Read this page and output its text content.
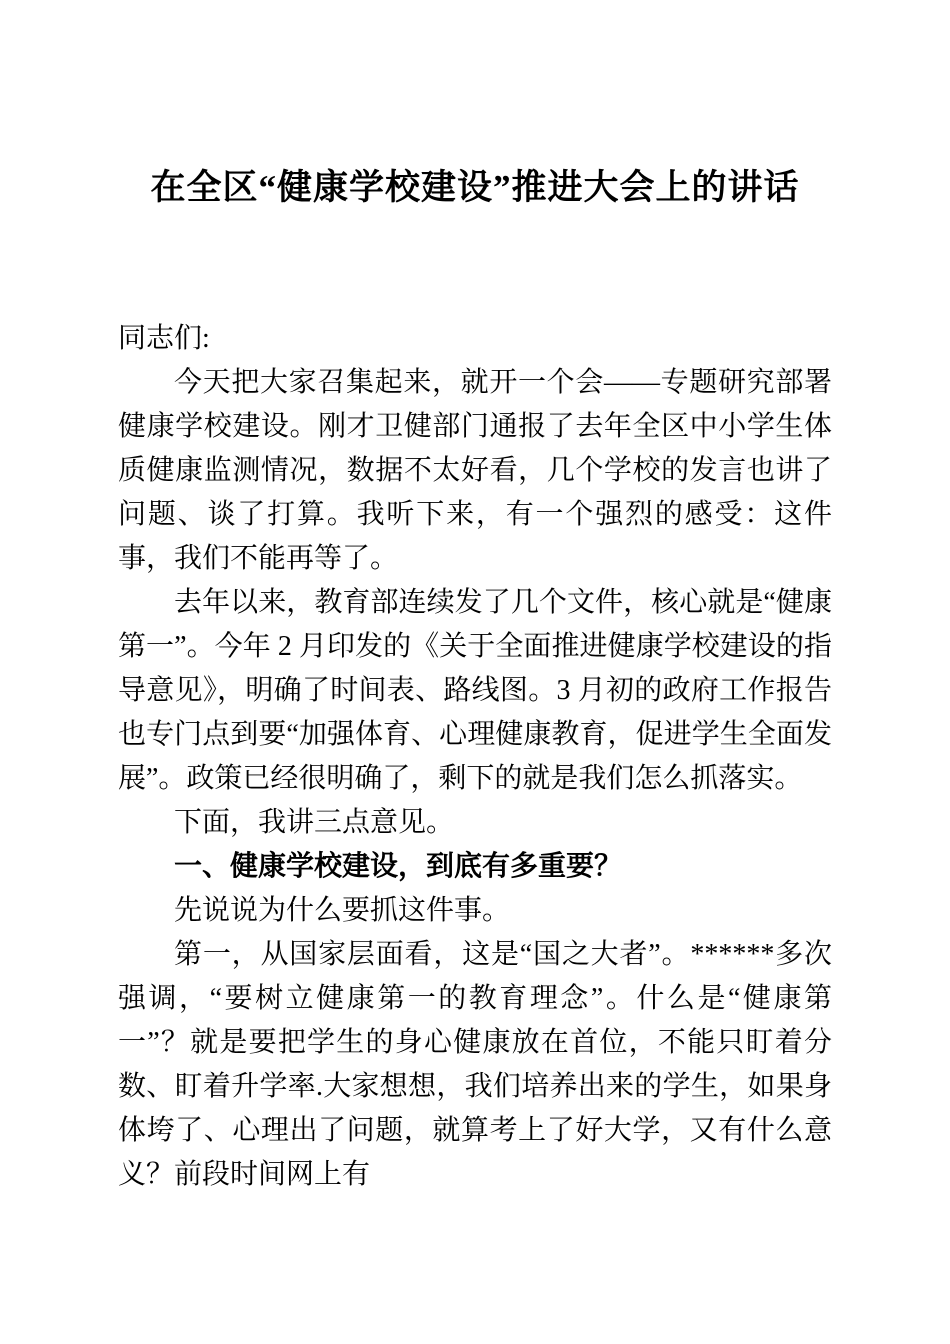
在全区“健康学校建设”推进大会上的讲话

同志们:

今天把大家召集起来，就开一个会——专题研究部署健康学校建设。刚才卫健部门通报了去年全区中小学生体质健康监测情况，数据不太好看，几个学校的发言也讲了问题、谈了打算。我听下来，有一个强烈的感受：这件事，我们不能再等了。

去年以来，教育部连续发了几个文件，核心就是“健康第一”。今年 2 月印发的《关于全面推进健康学校建设的指导意见》，明确了时间表、路线图。3 月初的政府工作报告也专门点到要“加强体育、心理健康教育，促进学生全面发展”。政策已经很明确了，剩下的就是我们怎么抓落实。

下面，我讲三点意见。

一、健康学校建设，到底有多重要？

先说说为什么要抓这件事。

第一，从国家层面看，这是“国之大者”。******多次强调，“要树立健康第一的教育理念”。什么是“健康第一”？就是要把学生的身心健康放在首位，不能只盯着分数、盯着升学率.大家想想，我们培养出来的学生，如果身体垮了、心理出了问题，就算考上了好大学，又有什么意义？前段时间网上有
